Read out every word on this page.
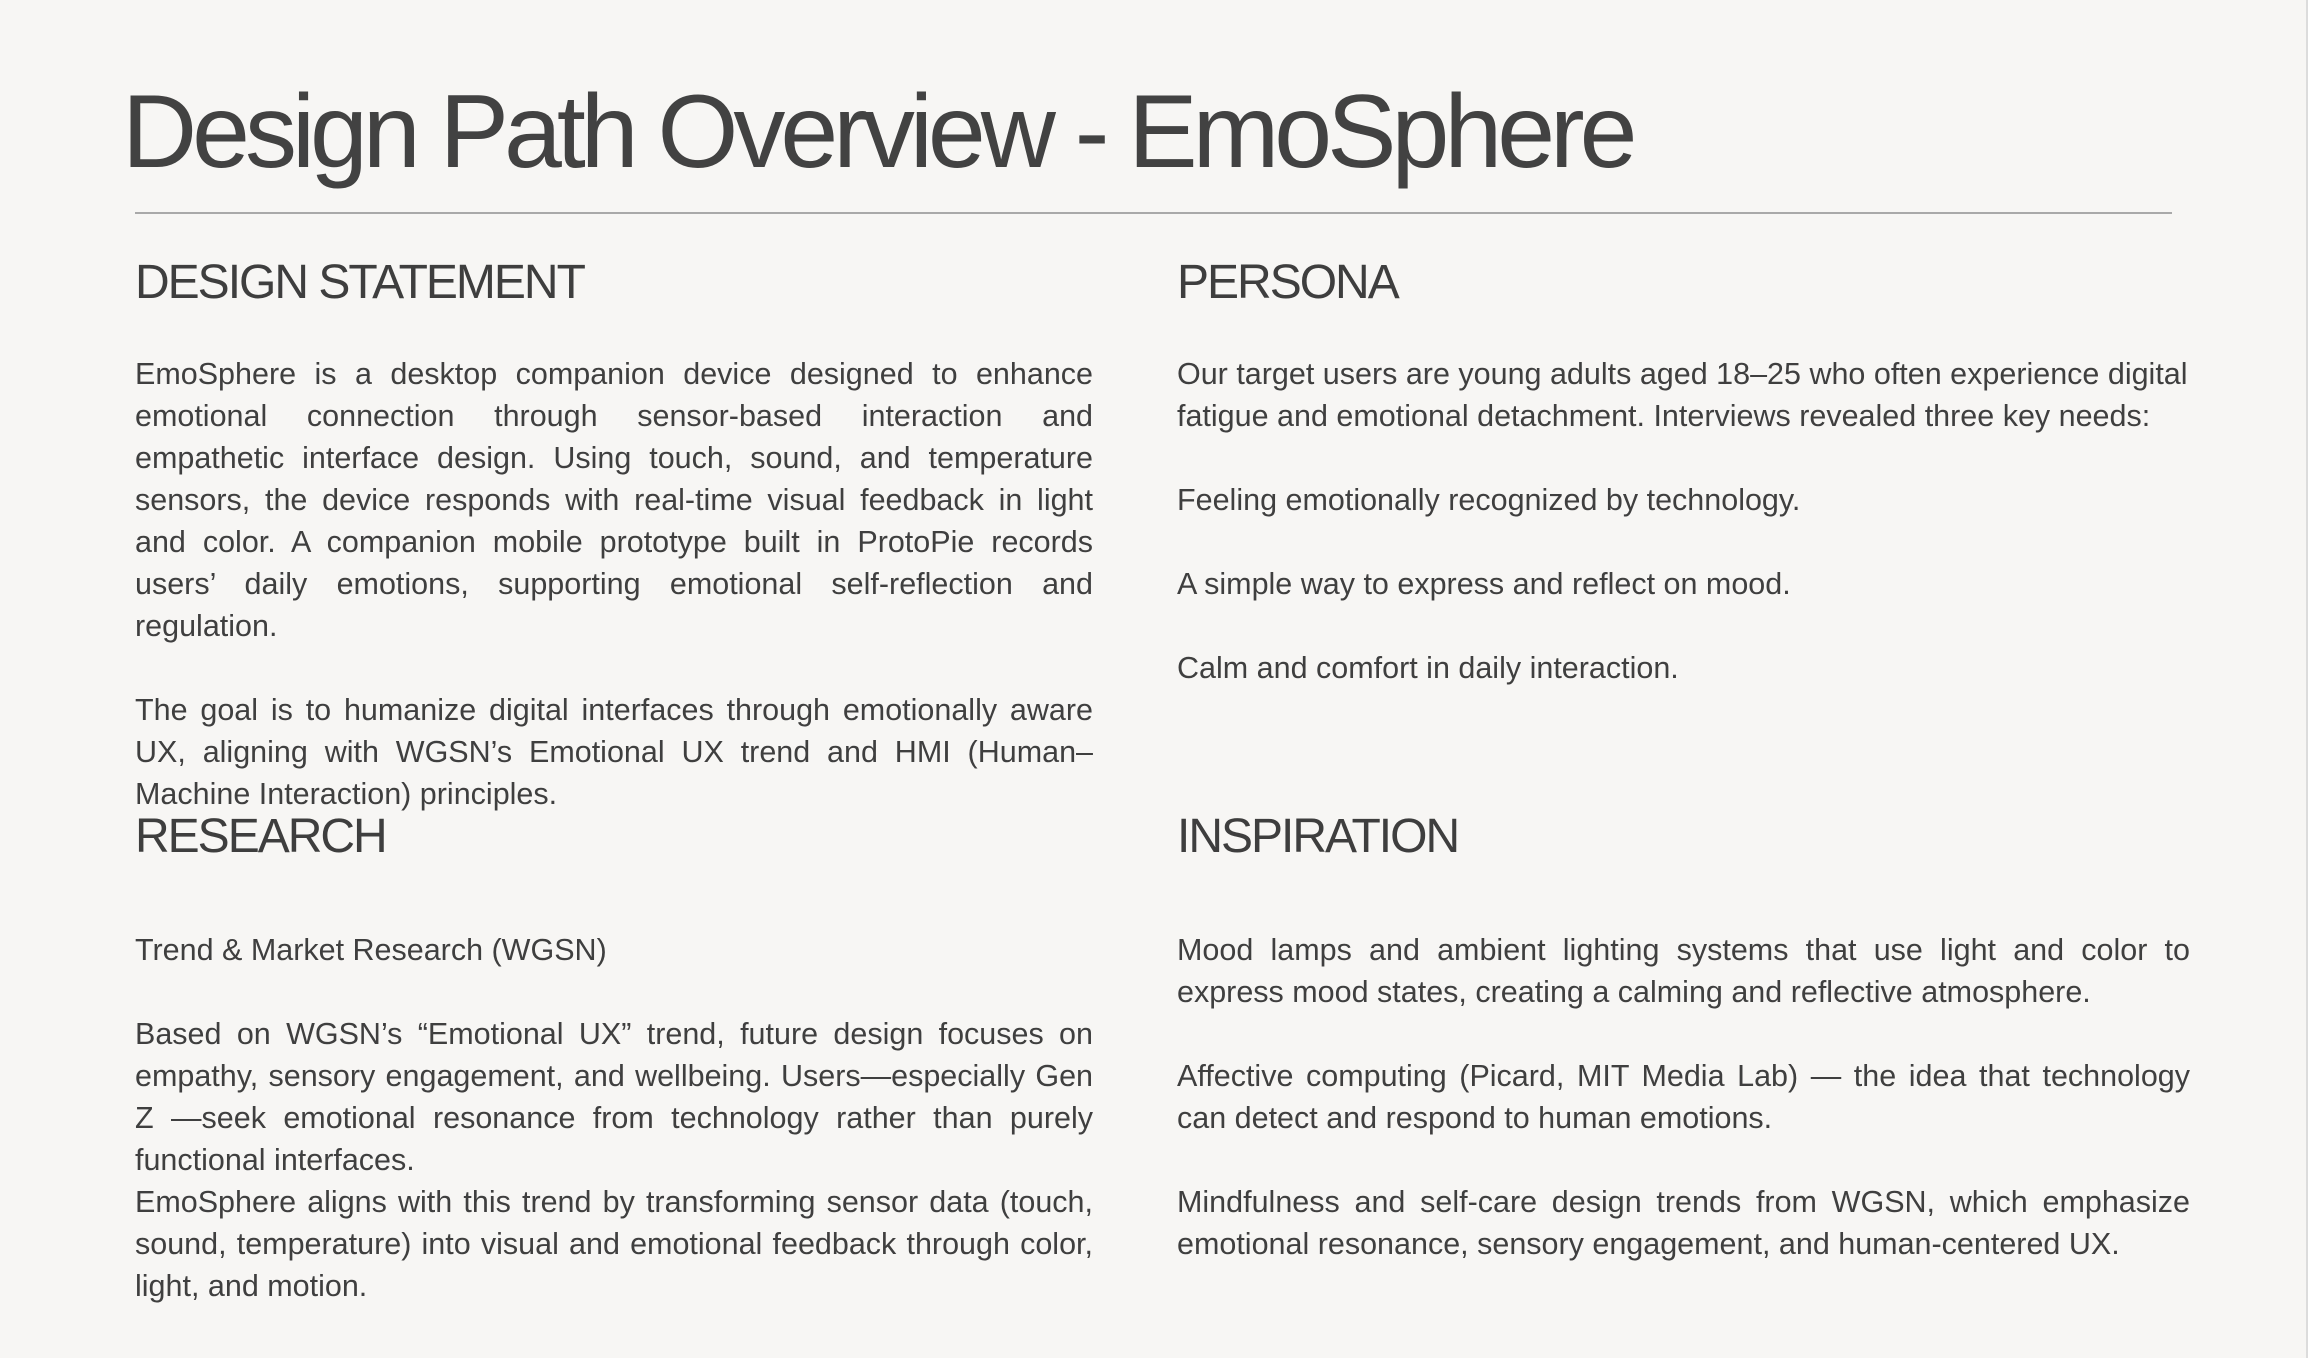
Design Path Overview - EmoSphere
DESIGN STATEMENT

EmoSphere is a desktop companion device designed to enhance emotional connection through sensor-based interaction and empathetic interface design. Using touch, sound, and temperature sensors, the device responds with real-time visual feedback in light and color. A companion mobile prototype built in ProtoPie records users’ daily emotions, supporting emotional self-reflection and regulation.

The goal is to humanize digital interfaces through emotionally aware UX, aligning with WGSN’s Emotional UX trend and HMI (Human–Machine Interaction) principles.

PERSONA

Our target users are young adults aged 18–25 who often experience digital fatigue and emotional detachment. Interviews revealed three key needs:

Feeling emotionally recognized by technology.

A simple way to express and reflect on mood.

Calm and comfort in daily interaction.

RESEARCH

Trend & Market Research (WGSN)

Based on WGSN’s “Emotional UX” trend, future design focuses on empathy, sensory engagement, and wellbeing. Users—especially Gen Z —seek emotional resonance from technology rather than purely functional interfaces.

EmoSphere aligns with this trend by transforming sensor data (touch, sound, temperature) into visual and emotional feedback through color, light, and motion.

INSPIRATION

Mood lamps and ambient lighting systems that use light and color to express mood states, creating a calming and reflective atmosphere.

Affective computing (Picard, MIT Media Lab) — the idea that technology can detect and respond to human emotions.

Mindfulness and self-care design trends from WGSN, which emphasize emotional resonance, sensory engagement, and human-centered UX.
